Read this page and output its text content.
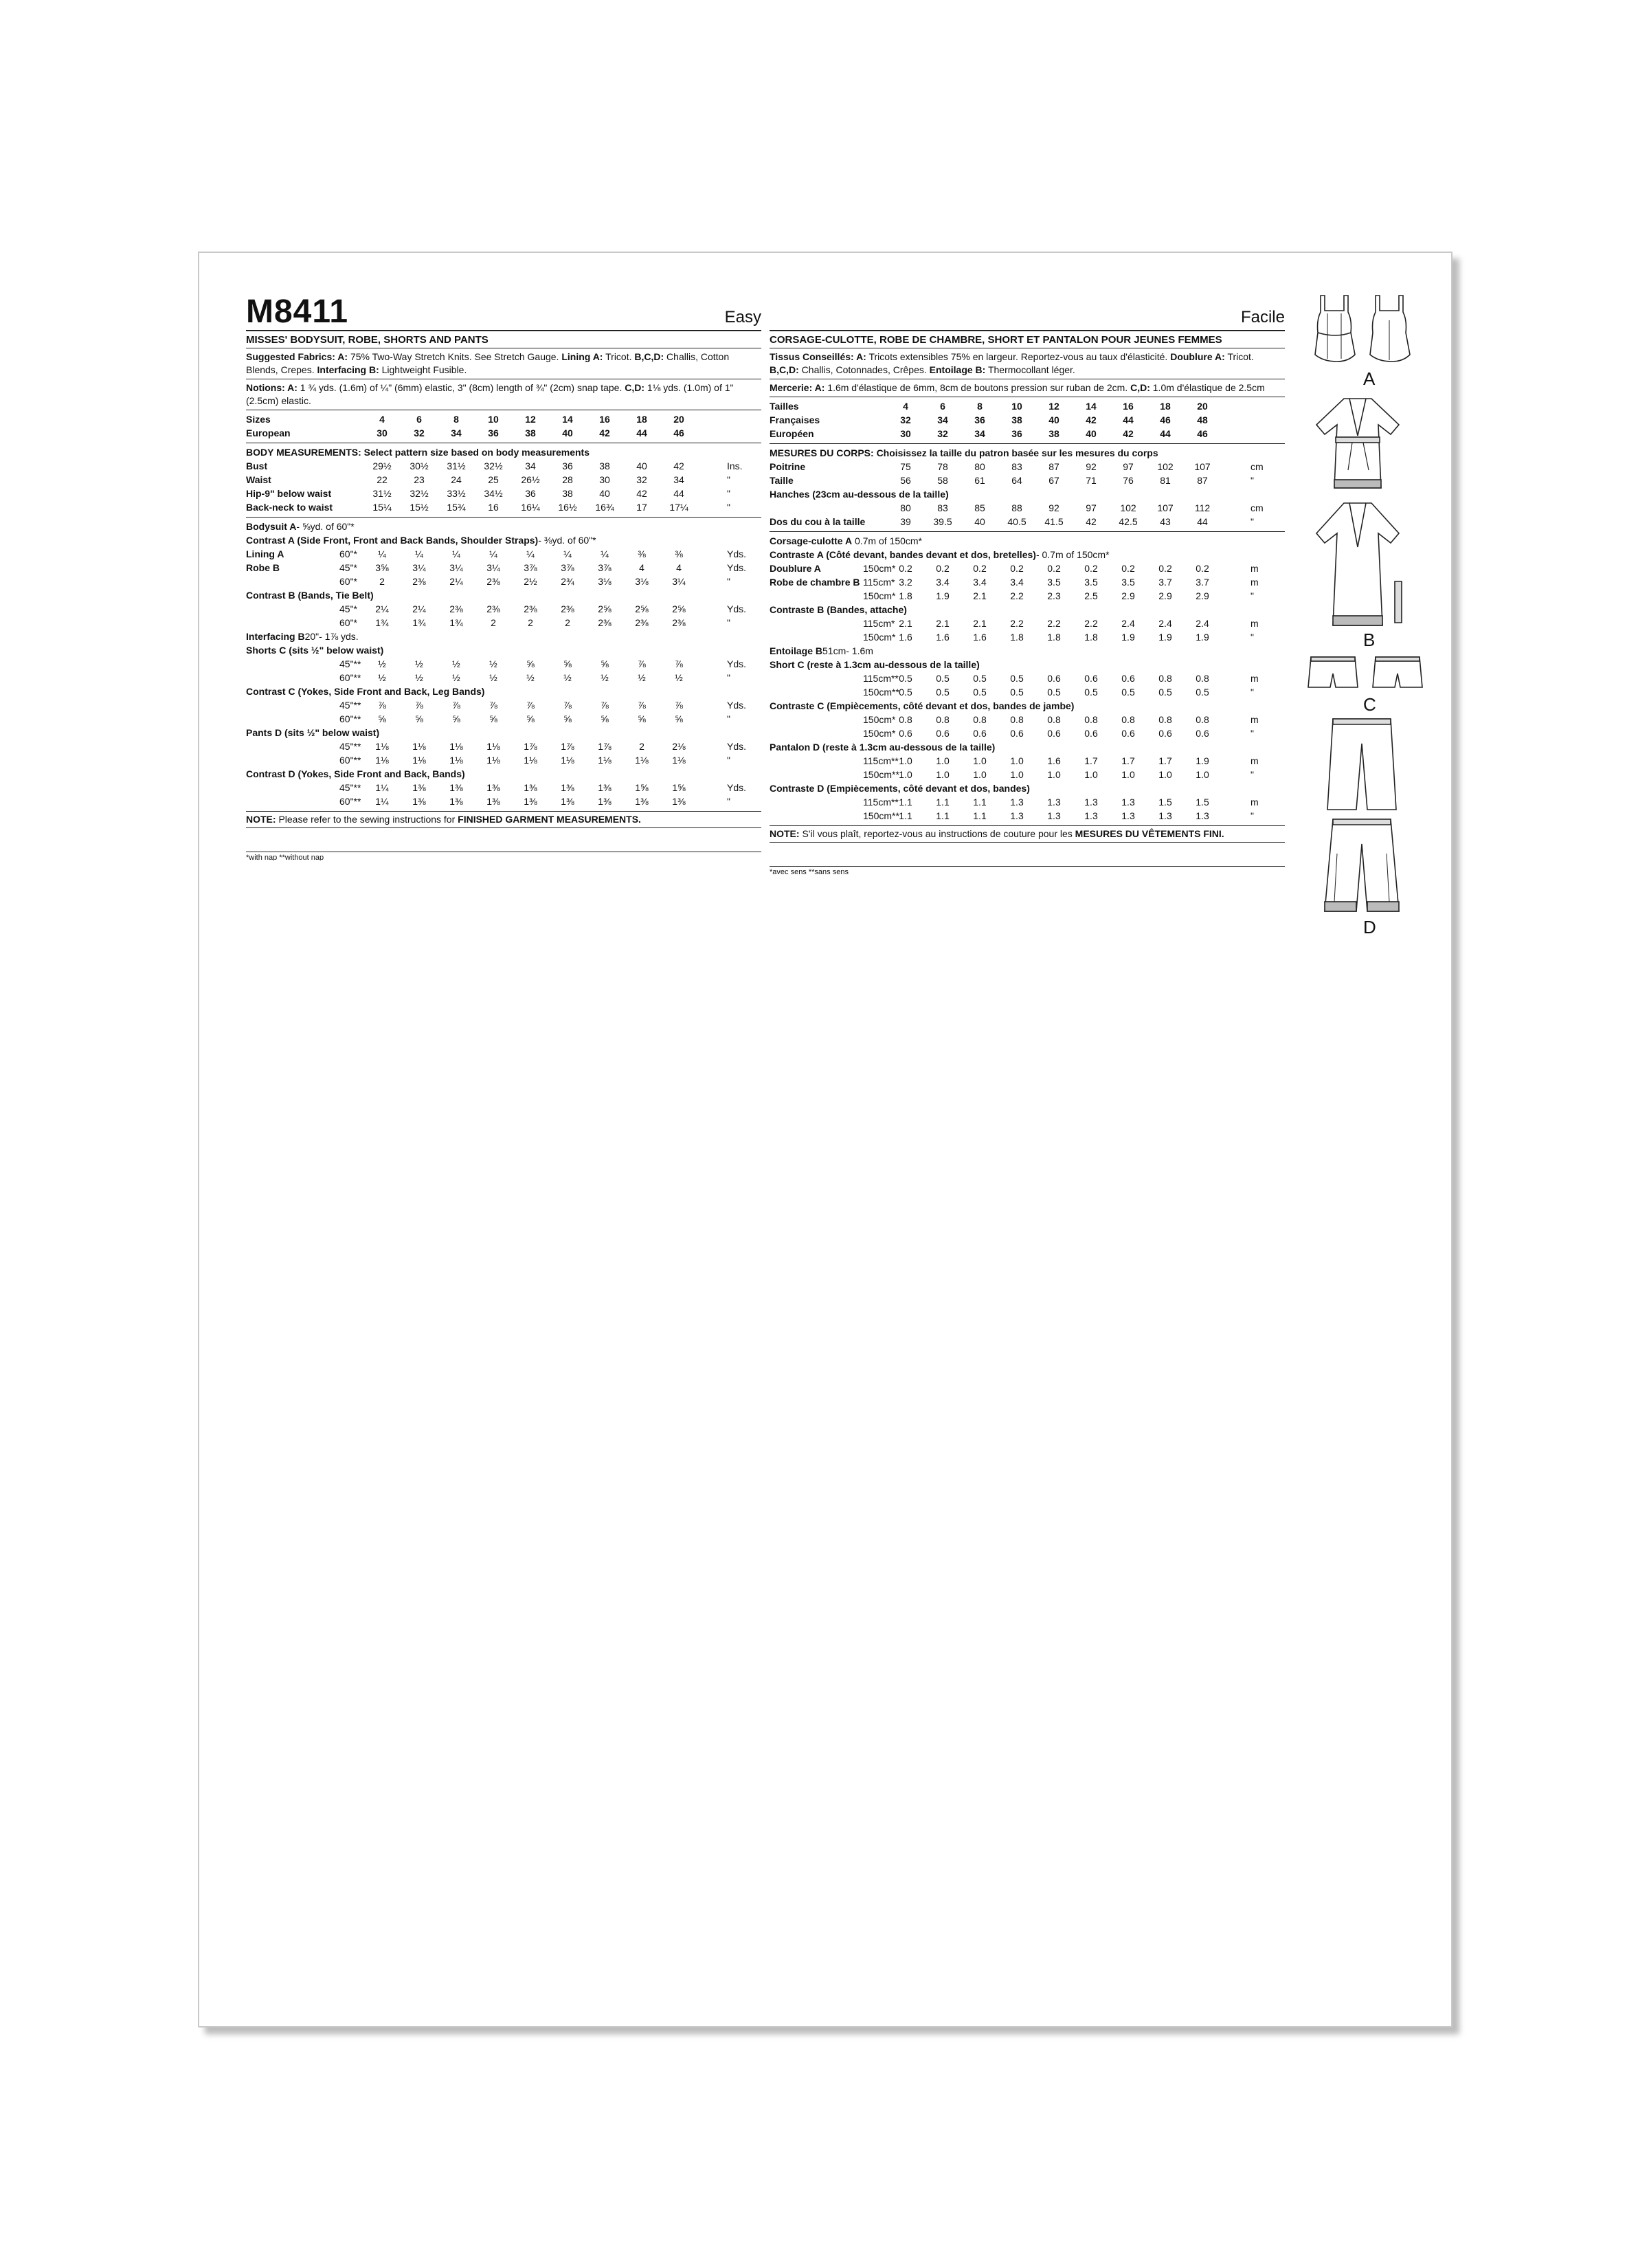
M8411	Easy
MISSES' BODYSUIT, ROBE, SHORTS AND PANTS
Suggested Fabrics: A: 75% Two-Way Stretch Knits. See Stretch Gauge. Lining A: Tricot. B,C,D: Challis, Cotton Blends, Crepes. Interfacing B: Lightweight Fusible.
Notions: A: 1 ¾ yds. (1.6m) of ¼" (6mm) elastic, 3" (8cm) length of ¾" (2cm) snap tape. C,D: 1⅛ yds. (1.0m) of 1" (2.5cm) elastic.
Sizes	4	6	8	10	12	14	16	18	20
European	30	32	34	36	38	40	42	44	46
BODY MEASUREMENTS: Select pattern size based on body measurements
Bust	29½	30½	31½	32½	34	36	38	40	42	Ins.
Waist	22	23	24	25	26½	28	30	32	34	"
Hip-9" below waist	31½	32½	33½	34½	36	38	40	42	44	"
Back-neck to waist	15¼	15½	15¾	16	16¼	16½	16¾	17	17¼	"
Bodysuit A- ⅝yd. of 60"*
Contrast A (Side Front, Front and Back Bands, Shoulder Straps)- ⅜yd. of 60"*
Lining A	60"*	¼	¼	¼	¼	¼	¼	¼	⅜	⅜	Yds.
Robe B	45"*	3⅝	3¼	3¼	3¼	3⅞	3⅞	3⅞	4	4	Yds.
60"*	2	2⅜	2¼	2⅜	2½	2¾	3⅛	3⅛	3¼	"
Contrast B (Bands, Tie Belt)
45"*	2¼	2¼	2⅜	2⅜	2⅜	2⅜	2⅝	2⅝	2⅝	Yds.
60"*	1¾	1¾	1¾	2	2	2	2⅜	2⅜	2⅜	"
Interfacing B20"- 1⅞ yds.
Shorts C (sits ½" below waist)
45"**	½	½	½	½	⅝	⅝	⅝	⅞	⅞	Yds.
60"**	½	½	½	½	½	½	½	½	½	"
Contrast C (Yokes, Side Front and Back, Leg Bands)
45"**	⅞	⅞	⅞	⅞	⅞	⅞	⅞	⅞	⅞	Yds.
60"**	⅝	⅝	⅝	⅝	⅝	⅝	⅝	⅝	⅝	"
Pants D (sits ½" below waist)
45"**	1⅛	1⅛	1⅛	1⅛	1⅞	1⅞	1⅞	2	2⅛	Yds.
60"**	1⅛	1⅛	1⅛	1⅛	1⅛	1⅛	1⅛	1⅛	1⅛	"
Contrast D (Yokes, Side Front and Back, Bands)
45"**	1¼	1⅜	1⅜	1⅜	1⅜	1⅜	1⅜	1⅝	1⅝	Yds.
60"**	1¼	1⅜	1⅜	1⅜	1⅜	1⅜	1⅜	1⅜	1⅜	"
NOTE: Please refer to the sewing instructions for FINISHED GARMENT MEASUREMENTS.
*with nap **without nap
Facile
CORSAGE-CULOTTE, ROBE DE CHAMBRE, SHORT ET PANTALON POUR JEUNES FEMMES
Tissus Conseillés: A: Tricots extensibles 75% en largeur. Reportez-vous au taux d'élasticité. Doublure A: Tricot. B,C,D: Challis, Cotonnades, Crêpes. Entoilage B: Thermocollant léger.
Mercerie: A: 1.6m d'élastique de 6mm, 8cm de boutons pression sur ruban de 2cm. C,D: 1.0m d'élastique de 2.5cm
Tailles	4	6	8	10	12	14	16	18	20
Françaises	32	34	36	38	40	42	44	46	48
Européen	30	32	34	36	38	40	42	44	46
MESURES DU CORPS: Choisissez la taille du patron basée sur les mesures du corps
Poitrine	75	78	80	83	87	92	97	102	107	cm
Taille	56	58	61	64	67	71	76	81	87	"
Hanches (23cm au-dessous de la taille)
80	83	85	88	92	97	102	107	112	cm
Dos du cou à la taille	39	39.5	40	40.5	41.5	42	42.5	43	44	"
Corsage-culotte A 0.7m of 150cm*
Contraste A (Côté devant, bandes devant et dos, bretelles)- 0.7m of 150cm*
Doublure A	150cm* 0.2	0.2	0.2	0.2	0.2	0.2	0.2	0.2	0.2	m
Robe de chambre B 115cm* 3.2	3.4	3.4	3.4	3.5	3.5	3.5	3.7	3.7	m
150cm* 1.8	1.9	2.1	2.2	2.3	2.5	2.9	2.9	2.9	"
Contraste B (Bandes, attache)
115cm* 2.1	2.1	2.1	2.2	2.2	2.2	2.4	2.4	2.4	m
150cm* 1.6	1.6	1.6	1.8	1.8	1.8	1.9	1.9	1.9	"
Entoilage B51cm- 1.6m
Short C (reste à 1.3cm au-dessous de la taille)
115cm** 0.5	0.5	0.5	0.5	0.6	0.6	0.6	0.8	0.8	m
150cm** 0.5	0.5	0.5	0.5	0.5	0.5	0.5	0.5	0.5	"
Contraste C (Empiècements, côté devant et dos, bandes de jambe)
150cm* 0.8	0.8	0.8	0.8	0.8	0.8	0.8	0.8	0.8	m
150cm* 0.6	0.6	0.6	0.6	0.6	0.6	0.6	0.6	0.6	"
Pantalon D (reste à 1.3cm au-dessous de la taille)
115cm** 1.0	1.0	1.0	1.0	1.6	1.7	1.7	1.7	1.9	m
150cm** 1.0	1.0	1.0	1.0	1.0	1.0	1.0	1.0	1.0	"
Contraste D (Empiècements, côté devant et dos, bandes)
115cm** 1.1	1.1	1.1	1.3	1.3	1.3	1.3	1.5	1.5	m
150cm** 1.1	1.1	1.1	1.3	1.3	1.3	1.3	1.3	1.3	"
NOTE: S'il vous plaît, reportez-vous au instructions de couture pour les MESURES DU VÊTEMENTS FINI.
*avec sens **sans sens
A
B
C
D
